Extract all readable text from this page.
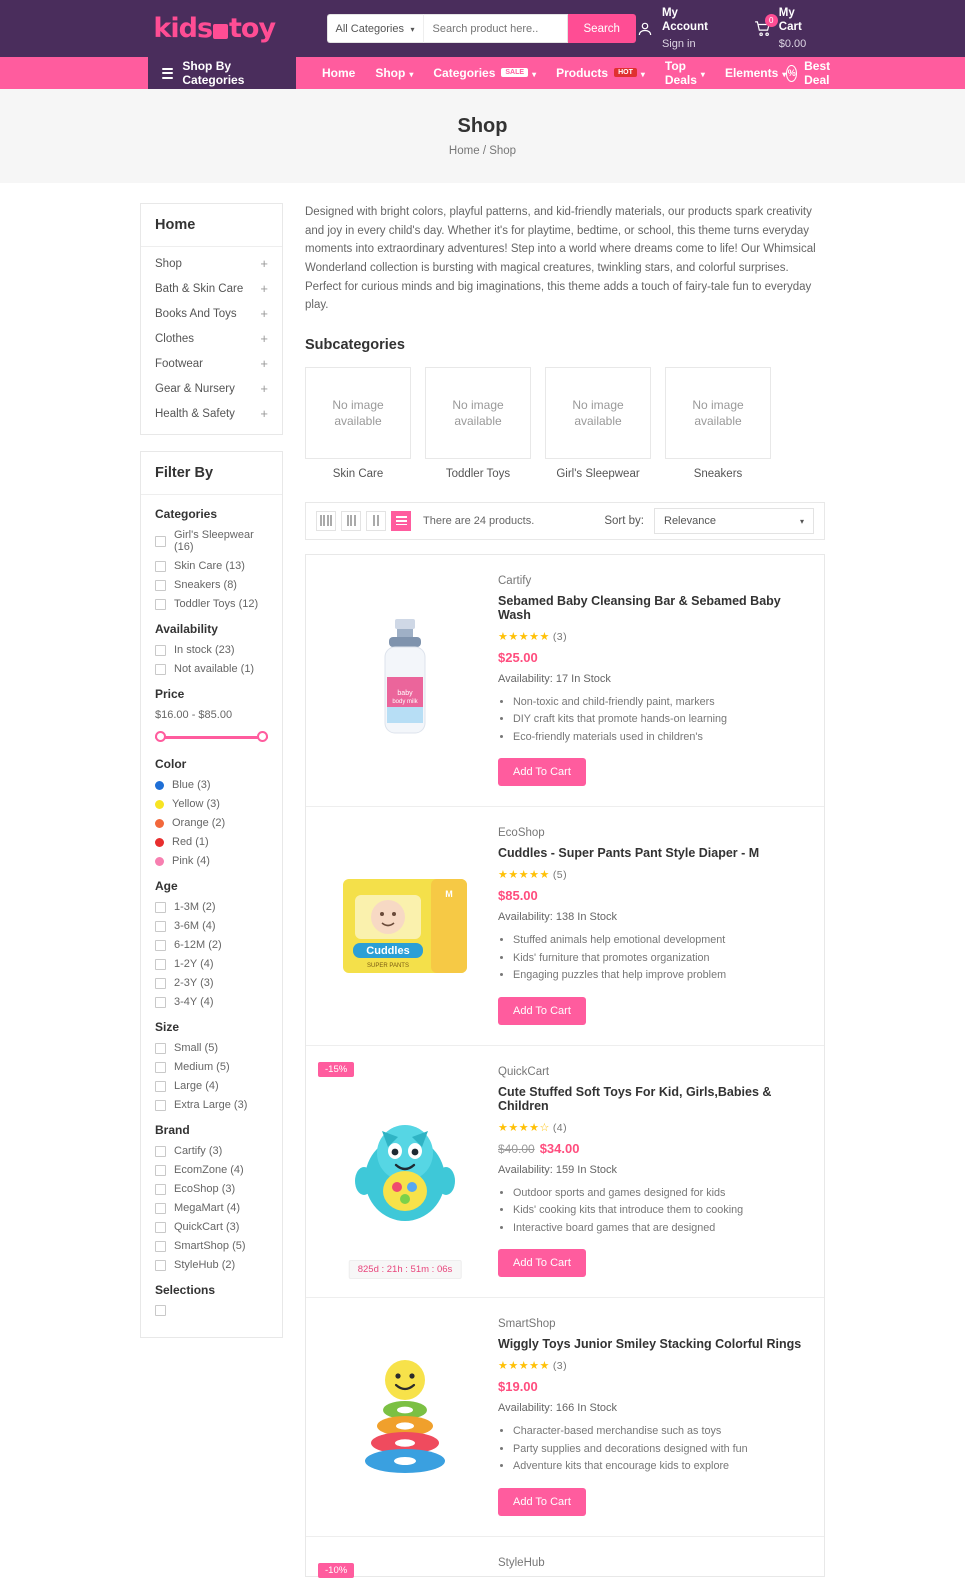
kids toy	All Categories ▾
Search product here..	Search
My Account
Sign in
0
My Cart
$0.00
Shop By Categories	Home Shop ▾ Categories	SALE	▾ Products	HOT	▾
Top Deals ▾ Elements ▾ % Best Deal
Shop
Home / Shop
Home
Shop	+
Bath & Skin Care +
Books And Toys +
Clothes	+
Footwear	+
Gear & Nursery +
Health & Safety +
Filter By
Categories
Girl's Sleepwear (16)
Skin Care (13)
Sneakers (8)
Toddler Toys (12)
Availability
In stock (23)
Not available (1)
Price
$16.00 - $85.00
Color
Blue (3)
Yellow (3)
Orange (2)
Red (1)
Pink (4)
Age
1-3M (2)
3-6M (4)
6-12M (2)
1-2Y (4)
2-3Y (3)
3-4Y (4)
Size
Small (5)
Medium (5)
Large (4)
Extra Large (3)
Brand
Cartify (3)
EcomZone (4)
EcoShop (3)
MegaMart (4)
QuickCart (3)
SmartShop (5)
StyleHub (2)
Selections
Designed with bright colors, playful patterns, and kid-friendly materials, our products spark creativity and joy in every child's day. Whether it's for playtime, bedtime, or school, this theme turns everyday moments into extraordinary adventures! Step into a world where dreams come to life! Our Whimsical Wonderland collection is bursting with magical creatures, twinkling stars, and colorful surprises. Perfect for curious minds and big imaginations, this theme adds a touch of fairy-tale fun to everyday play.
Subcategories
No image available
Skin Care
No image available
Toddler Toys
No image available
Girl's Sleepwear
No image available
Sneakers
There are 24 products.	Sort by: Relevance	▾
baby
body milk
Cartify
Sebamed Baby Cleansing Bar & Sebamed Baby Wash
★★★★★ (3)
$25.00
Availability: 17 In Stock
• Non-toxic and child-friendly paint, markers
• DIY craft kits that promote hands-on learning
• Eco-friendly materials used in children's
Add To Cart
Cuddles
SUPER PANTS
M
EcoShop
Cuddles - Super Pants Pant Style Diaper - M
★★★★★ (5)
$85.00
Availability: 138 In Stock
• Stuffed animals help emotional development
• Kids' furniture that promotes organization
• Engaging puzzles that help improve problem
Add To Cart
-15%
825d : 21h : 51m : 06s
QuickCart
Cute Stuffed Soft Toys For Kid, Girls,Babies & Children
★★★★☆ (4)
$40.00 $34.00
Availability: 159 In Stock
• Outdoor sports and games designed for kids
• Kids' cooking kits that introduce them to cooking
• Interactive board games that are designed
Add To Cart
SmartShop
Wiggly Toys Junior Smiley Stacking Colorful Rings
★★★★★ (3)
$19.00
Availability: 166 In Stock
• Character-based merchandise such as toys
• Party supplies and decorations designed with fun
• Adventure kits that encourage kids to explore
Add To Cart
-10%
StyleHub
